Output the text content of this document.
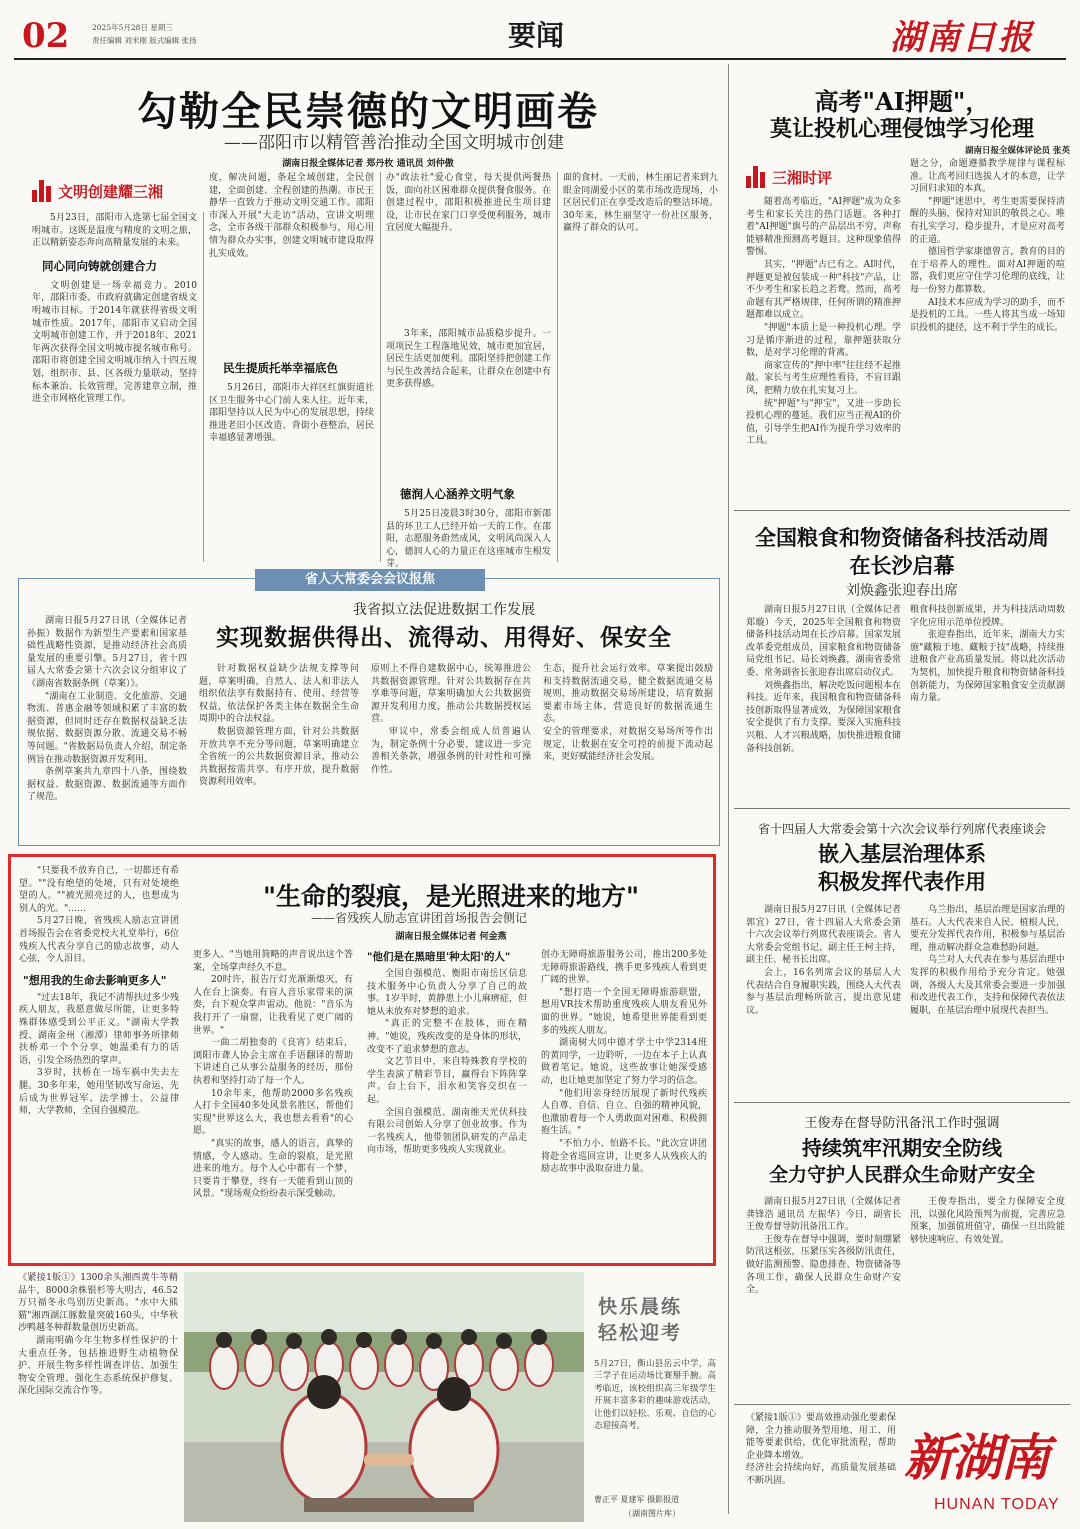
02	2025年5月28日 星期三
责任编辑 刘米刚 版式编辑 张扬	要闻	湖南日报
勾勒全民崇德的文明画卷
——邵阳市以精管善治推动全国文明城市创建
湖南日报全媒体记者 郑丹枚 通讯员 刘仲傲
文明创建耀三湘

5月23日，邵阳市入选第七届全国文明城市。这既是温度与精度的文明之旅，正以精新姿态奔向高精量发展的未来。

同心同向铸就创建合力

文明创建是一场幸福竞力。2010年，邵阳市委、市政府就确定创建省级文明城市目标。于2014年就获得省级文明城市性质。2017年，邵阳市又启动全国文明城市创建工作，并于2018年、2021年两次获得全国文明城市提名城市称号。邵阳市将创建全国文明城市纳入十四五规划，组织市、县、区各级力量联动，坚持标本兼治、长效管理，完善建章立制，推进全市网格化管理工作。

度，解决问题，条起全域创建，全民创建，全面创建、全程创建的热潮。市民王静华一直致力于推动文明交通工作。邵阳市深入开展"大走访"活动，宣讲文明理念，全市各级干部群众积极参与，用心用情为群众办实事，创建文明城市建设取得扎实成效。

民生提质托举幸福底色

5月26日，邵阳市大祥区红旗街道社区卫生服务中心门前人来人往。近年来，邵阳坚持以人民为中心的发展思想，持续推进老旧小区改造、背街小巷整治，居民幸福感显著增强。

办"政法社"爱心食堂，每天提供两餐热饭，面向社区困难群众提供餐食服务。在创建过程中，邵阳积极推进民生项目建设，让市民在家门口享受便利服务，城市宜居度大幅提升。

3年来，邵阳城市品质稳步提升。一项项民生工程落地见效，城市更加宜居，居民生活更加便利。邵阳坚持把创建工作与民生改善结合起来，让群众在创建中有更多获得感。

德润人心涵养文明气象

5月25日凌晨3时30分，邵阳市新邵县的环卫工人已经开始一天的工作。在邵阳，志愿服务蔚然成风，文明风尚深入人心，德润人心的力量正在这座城市生根发芽。

面的食材。一天前，林生丽记者来到九眼金同湖爱小区的菜市场改造现场，小区居民们正在享受改造后的整洁环境。30年来，林生丽坚守一份社区服务，赢得了群众的认可。

高考"AI押题"，
莫让投机心理侵蚀学习伦理
湖南日报全媒体评论员 张英
三湘时评

随着高考临近，"AI押题"成为众多考生和家长关注的热门话题。各种打着"AI押题"旗号的产品层出不穷，声称能够精准预测高考题目。这种现象值得警惕。

其实，"押题"古已有之。AI时代，押题更是被包装成一种"科技"产品，让不少考生和家长趋之若鹜。然而，高考命题有其严格规律，任何所谓的精准押题都难以成立。

"押题"本质上是一种投机心理。学习是循序渐进的过程，靠押题获取分数，是对学习伦理的背离。

商家宣传的"押中率"往往经不起推敲。家长与考生应理性看待，不盲目跟风，把精力放在扎实复习上。

统"押题"与"押宝"，又进一步助长投机心理的蔓延。我们应当正视AI的价值，引导学生把AI作为提升学习效率的工具。

题之分，命题遵循教学规律与课程标准。让高考回归选拔人才的本意，让学习回归求知的本真。

"押题"迷思中，考生更需要保持清醒的头脑，保持对知识的敬畏之心。唯有扎实学习、稳步提升，才是应对高考的正道。

德国哲学家康德曾言，教育的目的在于培养人的理性。面对AI押题的喧嚣，我们更应守住学习伦理的底线，让每一份努力都算数。

AI技术本应成为学习的助手，而不是投机的工具。一些人将其当成一场知识投机的捷径，这不利于学生的成长。

全国粮食和物资储备科技活动周
在长沙启幕
刘焕鑫张迎春出席

湖南日报5月27日讯（全媒体记者 郑璇）今天，2025年全国粮食和物资储备科技活动周在长沙启幕。国家发展改革委党组成员，国家粮食和物资储备局党组书记、局长刘焕鑫，湖南省委常委、常务副省长张迎春出席启动仪式。

刘焕鑫指出，解决吃饭问题根本在科技。近年来，我国粮食和物资储备科技创新取得显著成效，为保障国家粮食安全提供了有力支撑。要深入实施科技兴粮、人才兴粮战略，加快推进粮食储备科技创新。

粮食科技创新成果，并为科技活动周数字化应用示范单位授牌。

张迎春指出，近年来，湖南大力实施"藏粮于地、藏粮于技"战略，持续推进粮食产业高质量发展。将以此次活动为契机，加快提升粮食和物资储备科技创新能力，为保障国家粮食安全贡献湖南力量。

省人大常委会会议报焦
我省拟立法促进数据工作发展
实现数据供得出、流得动、用得好、保安全

湖南日报5月27日讯（全媒体记者 孙振）数据作为新型生产要素和国家基础性战略性资源，是推动经济社会高质量发展的重要引擎。5月27日，省十四届人大常委会第十六次会议分组审议了《湖南省数据条例（草案）》。

"湖南在工业制造、文化旅游、交通物流、普惠金融等领域积累了丰富的数据资源，但同时还存在数据权益缺乏法规依据、数据资源分散、流通交易不畅等问题。"省数据局负责人介绍，制定条例旨在推动数据资源开发利用。

条例草案共九章四十八条，围绕数据权益、数据资源、数据流通等方面作了规范。

针对数据权益缺少法规支撑等问题，草案明确，自然人、法人和非法人组织依法享有数据持有、使用、经营等权益，依法保护各类主体在数据全生命周期中的合法权益。

数据资源管理方面，针对公共数据开放共享不充分等问题，草案明确建立全省统一的公共数据资源目录，推动公共数据按需共享、有序开放，提升数据资源利用效率。

原则上不得自建数据中心，统筹推进公共数据资源管理。针对公共数据存在共享难等问题，草案明确加大公共数据资源开发利用力度，推动公共数据授权运营。

审议中，常委会组成人员普遍认为，制定条例十分必要，建议进一步完善相关条款，增强条例的针对性和可操作性。

生态，提升社会运行效率。草案提出鼓励和支持数据流通交易，健全数据流通交易规则，推动数据交易场所建设，培育数据要素市场主体，营造良好的数据流通生态。

安全的管理要求，对数据交易场所等作出规定，让数据在安全可控的前提下流动起来，更好赋能经济社会发展。

省十四届人大常委会第十六次会议举行列席代表座谈会
嵌入基层治理体系
积极发挥代表作用

湖南日报5月27日讯（全媒体记者 郭宜）27日，省十四届人大常委会第十六次会议举行列席代表座谈会。省人大常委会党组书记、副主任王柯主持，副主任、秘书长出席。

会上，16名列席会议的基层人大代表结合自身履职实践，围绕人大代表参与基层治理畅所欲言，提出意见建议。

乌兰指出，基层治理是国家治理的基石。人大代表来自人民、植根人民，要充分发挥代表作用，积极参与基层治理，推动解决群众急难愁盼问题。

乌兰对人大代表在参与基层治理中发挥的积极作用给予充分肯定。她强调，各级人大及其常委会要进一步加强和改进代表工作，支持和保障代表依法履职，在基层治理中展现代表担当。

"生命的裂痕，是光照进来的地方"
——省残疾人励志宣讲团首场报告会侧记
湖南日报全媒体记者 何金燕

"只要我不放弃自己，一切都还有希望。""没有绝望的处境，只有对处境绝望的人。""被光照亮过的人，也想成为别人的光。"……

5月27日晚，省残疾人励志宣讲团首场报告会在省委党校大礼堂举行，6位残疾人代表分享自己的励志故事，动人心弦，令人泪目。

"想用我的生命去影响更多人"

"过去18年，我记不清帮扶过多少残疾人朋友，我愿意做尽所能，让更多特殊群体感受到公平正义。"湖南大学教授、湖南金州（湘潭）律师事务所律师扶桥邓一个个分享，她温柔有力的话语，引发全场热烈的掌声。

3岁时，扶桥在一场车祸中失去左腿。30多年来，她用坚韧改写命运，先后成为世界冠军、法学博士、公益律师，大学教师，全国自强模范。

更多人。"当她用简略的声音说出这个答案，全场掌声经久不息。

20时许，报告厅灯光渐渐熄灭，有人在台上演奏。有盲人音乐家带来的演奏，台下观众掌声雷动。他说："音乐为我打开了一扇窗，让我看见了更广阔的世界。"

一曲二胡独奏的《良宵》结束后，浏阳市聋人协会主席在手语翻译的帮助下讲述自己从事公益服务的经历，那份执着和坚持打动了每一个人。

10余年来，他帮助2000多名残疾人打卡全国40多处风景名胜区，帮他们实现"世界这么大，我也想去看看"的心愿。

"真实的故事，感人的语言，真挚的情感，令人感动。生命的裂痕，是光照进来的地方。每个人心中都有一个梦，只要肯于攀登，终有一天能看到山顶的风景。"现场观众纷纷表示深受触动。

"他们是在黑暗里'种太阳'的人"

全国自强模范、衡阳市南岳区信息技术服务中心负责人分享了自己的故事。1岁半时，黄静患上小儿麻痹症，但她从未放弃对梦想的追求。

"真正的完整不在肢体，而在精神。"她说，残疾改变的是身体的形状，改变不了追求梦想的意志。

文艺节目中，来自特殊教育学校的学生表演了精彩节目，赢得台下阵阵掌声。台上台下，泪水和笑容交织在一起。

全国自强模范、湖南维天光伏科技有限公司创始人分享了创业故事。作为一名残疾人，他带领团队研发的产品走向市场，帮助更多残疾人实现就业。

创办无障碍旅游服务公司，推出200多处无障碍旅游路线，携手更多残疾人看到更广阔的世界。

"想打造一个全国无障碍旅游联盟，想用VR技术帮助重度残疾人朋友看见外面的世界。"她说，她希望世界能看到更多的残疾人朋友。

湖南树大同中德才学士中学2314班的黄同学，一边聆听，一边在本子上认真做着笔记。她说，这些故事让她深受感动，也让她更加坚定了努力学习的信念。

"他们用亲身经历展现了新时代残疾人自尊、自信、自立、自强的精神风貌，也激励着每一个人勇敢面对困难、积极拥抱生活。"

"不怕力小、怕路不长。"此次宣讲团将赴全省巡回宣讲，让更多人从残疾人的励志故事中汲取奋进力量。

《紧接1版①》1300余头湘西黄牛等精品牛，8000余株银杉等大明古，46.52万只福冬永鸟别历史新高。"水中大熊猫"湘西湖江豚数量突破160头，中华秋沙鸭越冬种群数量创历史新高。

湖南明确今年生物多样性保护的十大重点任务，包括推进野生动植物保护、开展生物多样性调查评估、加强生物安全管理、强化生态系统保护修复、深化国际交流合作等。

快乐晨练
轻松迎考
5月27日，衡山县岳云中学，高三学子在运动场比赛掰手腕。高考临近，该校组织高三年级学生开展丰富多彩的趣味游戏活动，让他们以轻松、乐观、自信的心态迎接高考。
曹正平 夏建军 摄影报道
（湖南图片库）
王俊寿在督导防汛备汛工作时强调
持续筑牢汛期安全防线
全力守护人民群众生命财产安全

湖南日报5月27日讯（全媒体记者 龚锋浩 通讯员 左振华）今日，副省长王俊寿督导防汛备汛工作。

王俊寿在督导中强调，要时刻绷紧防汛这根弦，压紧压实各级防汛责任，做好监测预警、隐患排查、物资储备等各项工作，确保人民群众生命财产安全。

王俊寿指出，要全力保障安全度汛，以强化风险预判为前提，完善应急预案，加强值班值守，确保一旦出险能够快速响应、有效处置。

《紧接1版①》要高效推动强化要素保障，全力推动服务型用地、用工、用能等要素供给，优化审批流程，帮助企业降本增效。

经济社会持续向好，高质量发展基础不断巩固。	新湖南
HUNAN TODAY
